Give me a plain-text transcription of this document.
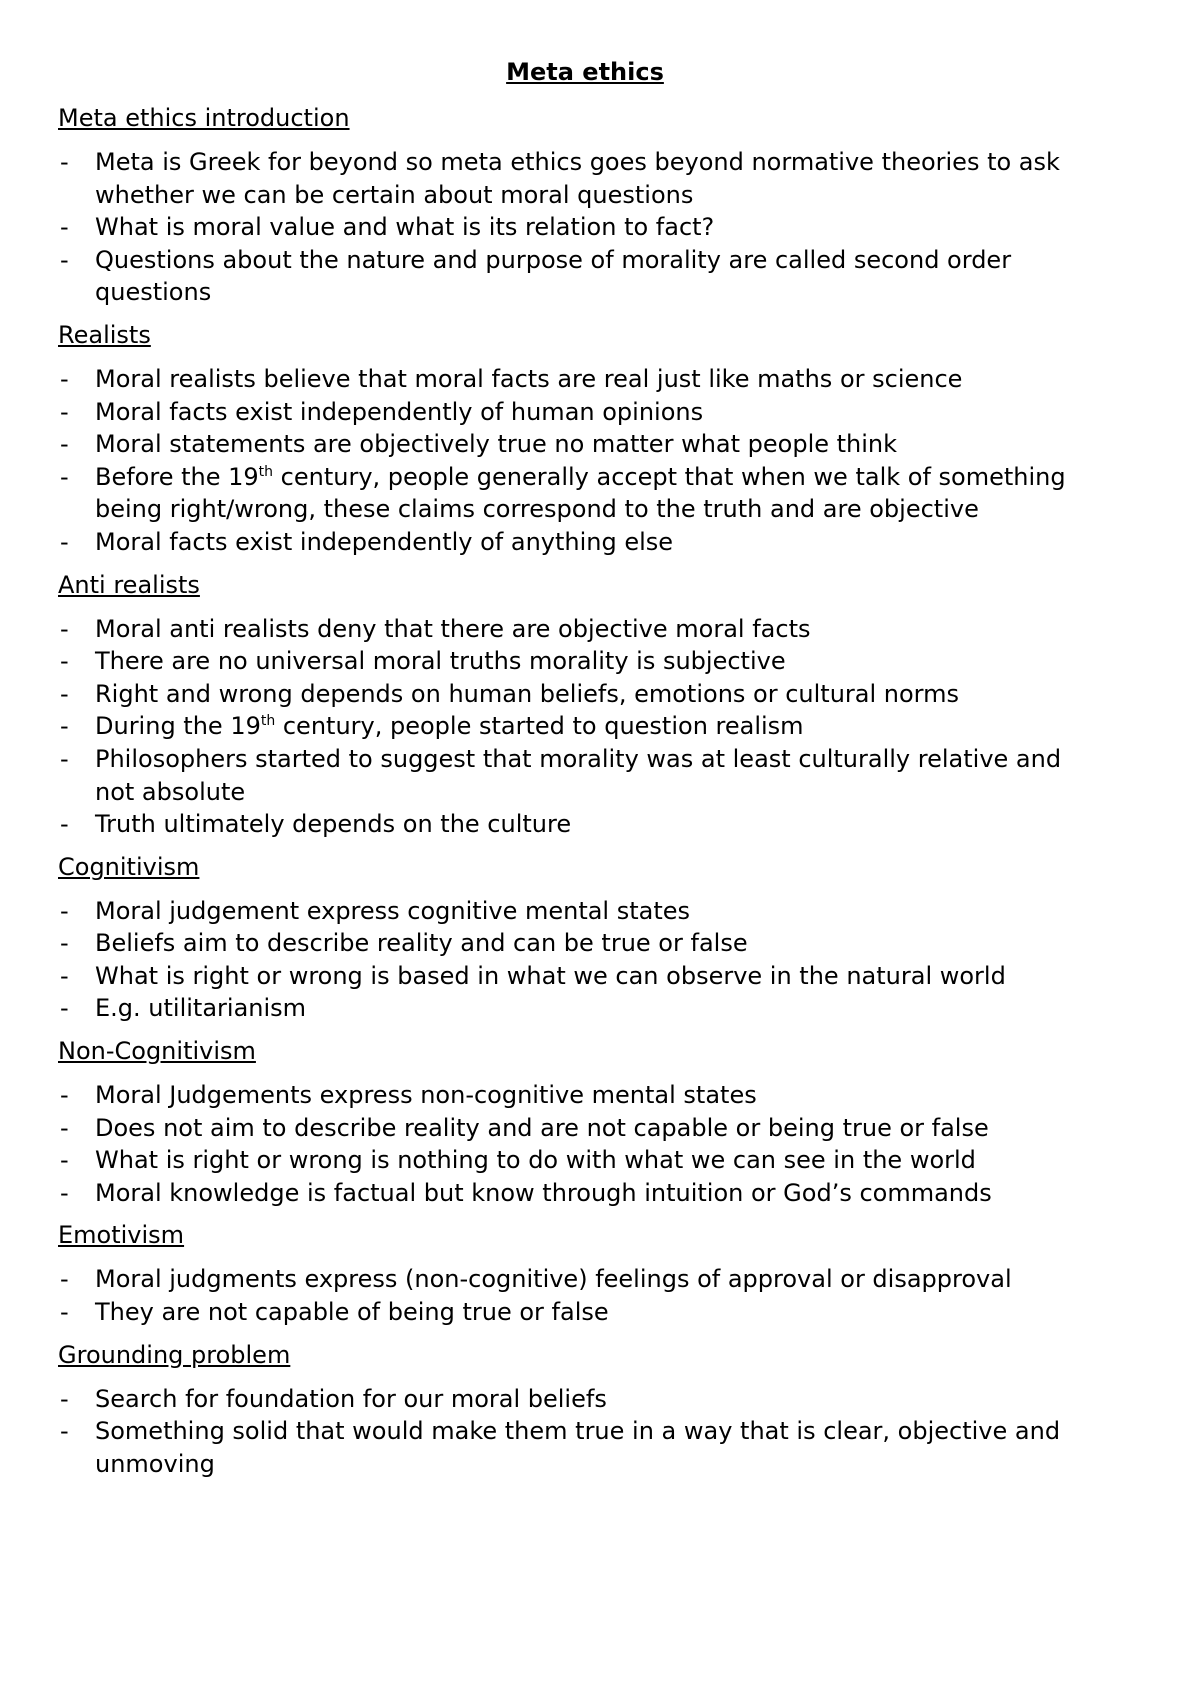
Meta ethics
Meta ethics introduction
- Meta is Greek for beyond so meta ethics goes beyond normative theories to ask whether we can be certain about moral questions
- What is moral value and what is its relation to fact?
- Questions about the nature and purpose of morality are called second order questions
Realists
- Moral realists believe that moral facts are real just like maths or science
- Moral facts exist independently of human opinions
- Moral statements are objectively true no matter what people think
- Before the 19th century, people generally accept that when we talk of something being right/wrong, these claims correspond to the truth and are objective
- Moral facts exist independently of anything else
Anti realists
- Moral anti realists deny that there are objective moral facts
- There are no universal moral truths morality is subjective
- Right and wrong depends on human beliefs, emotions or cultural norms
- During the 19th century, people started to question realism
- Philosophers started to suggest that morality was at least culturally relative and not absolute
- Truth ultimately depends on the culture
Cognitivism
- Moral judgement express cognitive mental states
- Beliefs aim to describe reality and can be true or false
- What is right or wrong is based in what we can observe in the natural world
- E.g. utilitarianism
Non-Cognitivism
- Moral Judgements express non-cognitive mental states
- Does not aim to describe reality and are not capable or being true or false
- What is right or wrong is nothing to do with what we can see in the world
- Moral knowledge is factual but know through intuition or God’s commands
Emotivism
- Moral judgments express (non-cognitive) feelings of approval or disapproval
- They are not capable of being true or false
Grounding problem
- Search for foundation for our moral beliefs
- Something solid that would make them true in a way that is clear, objective and unmoving
